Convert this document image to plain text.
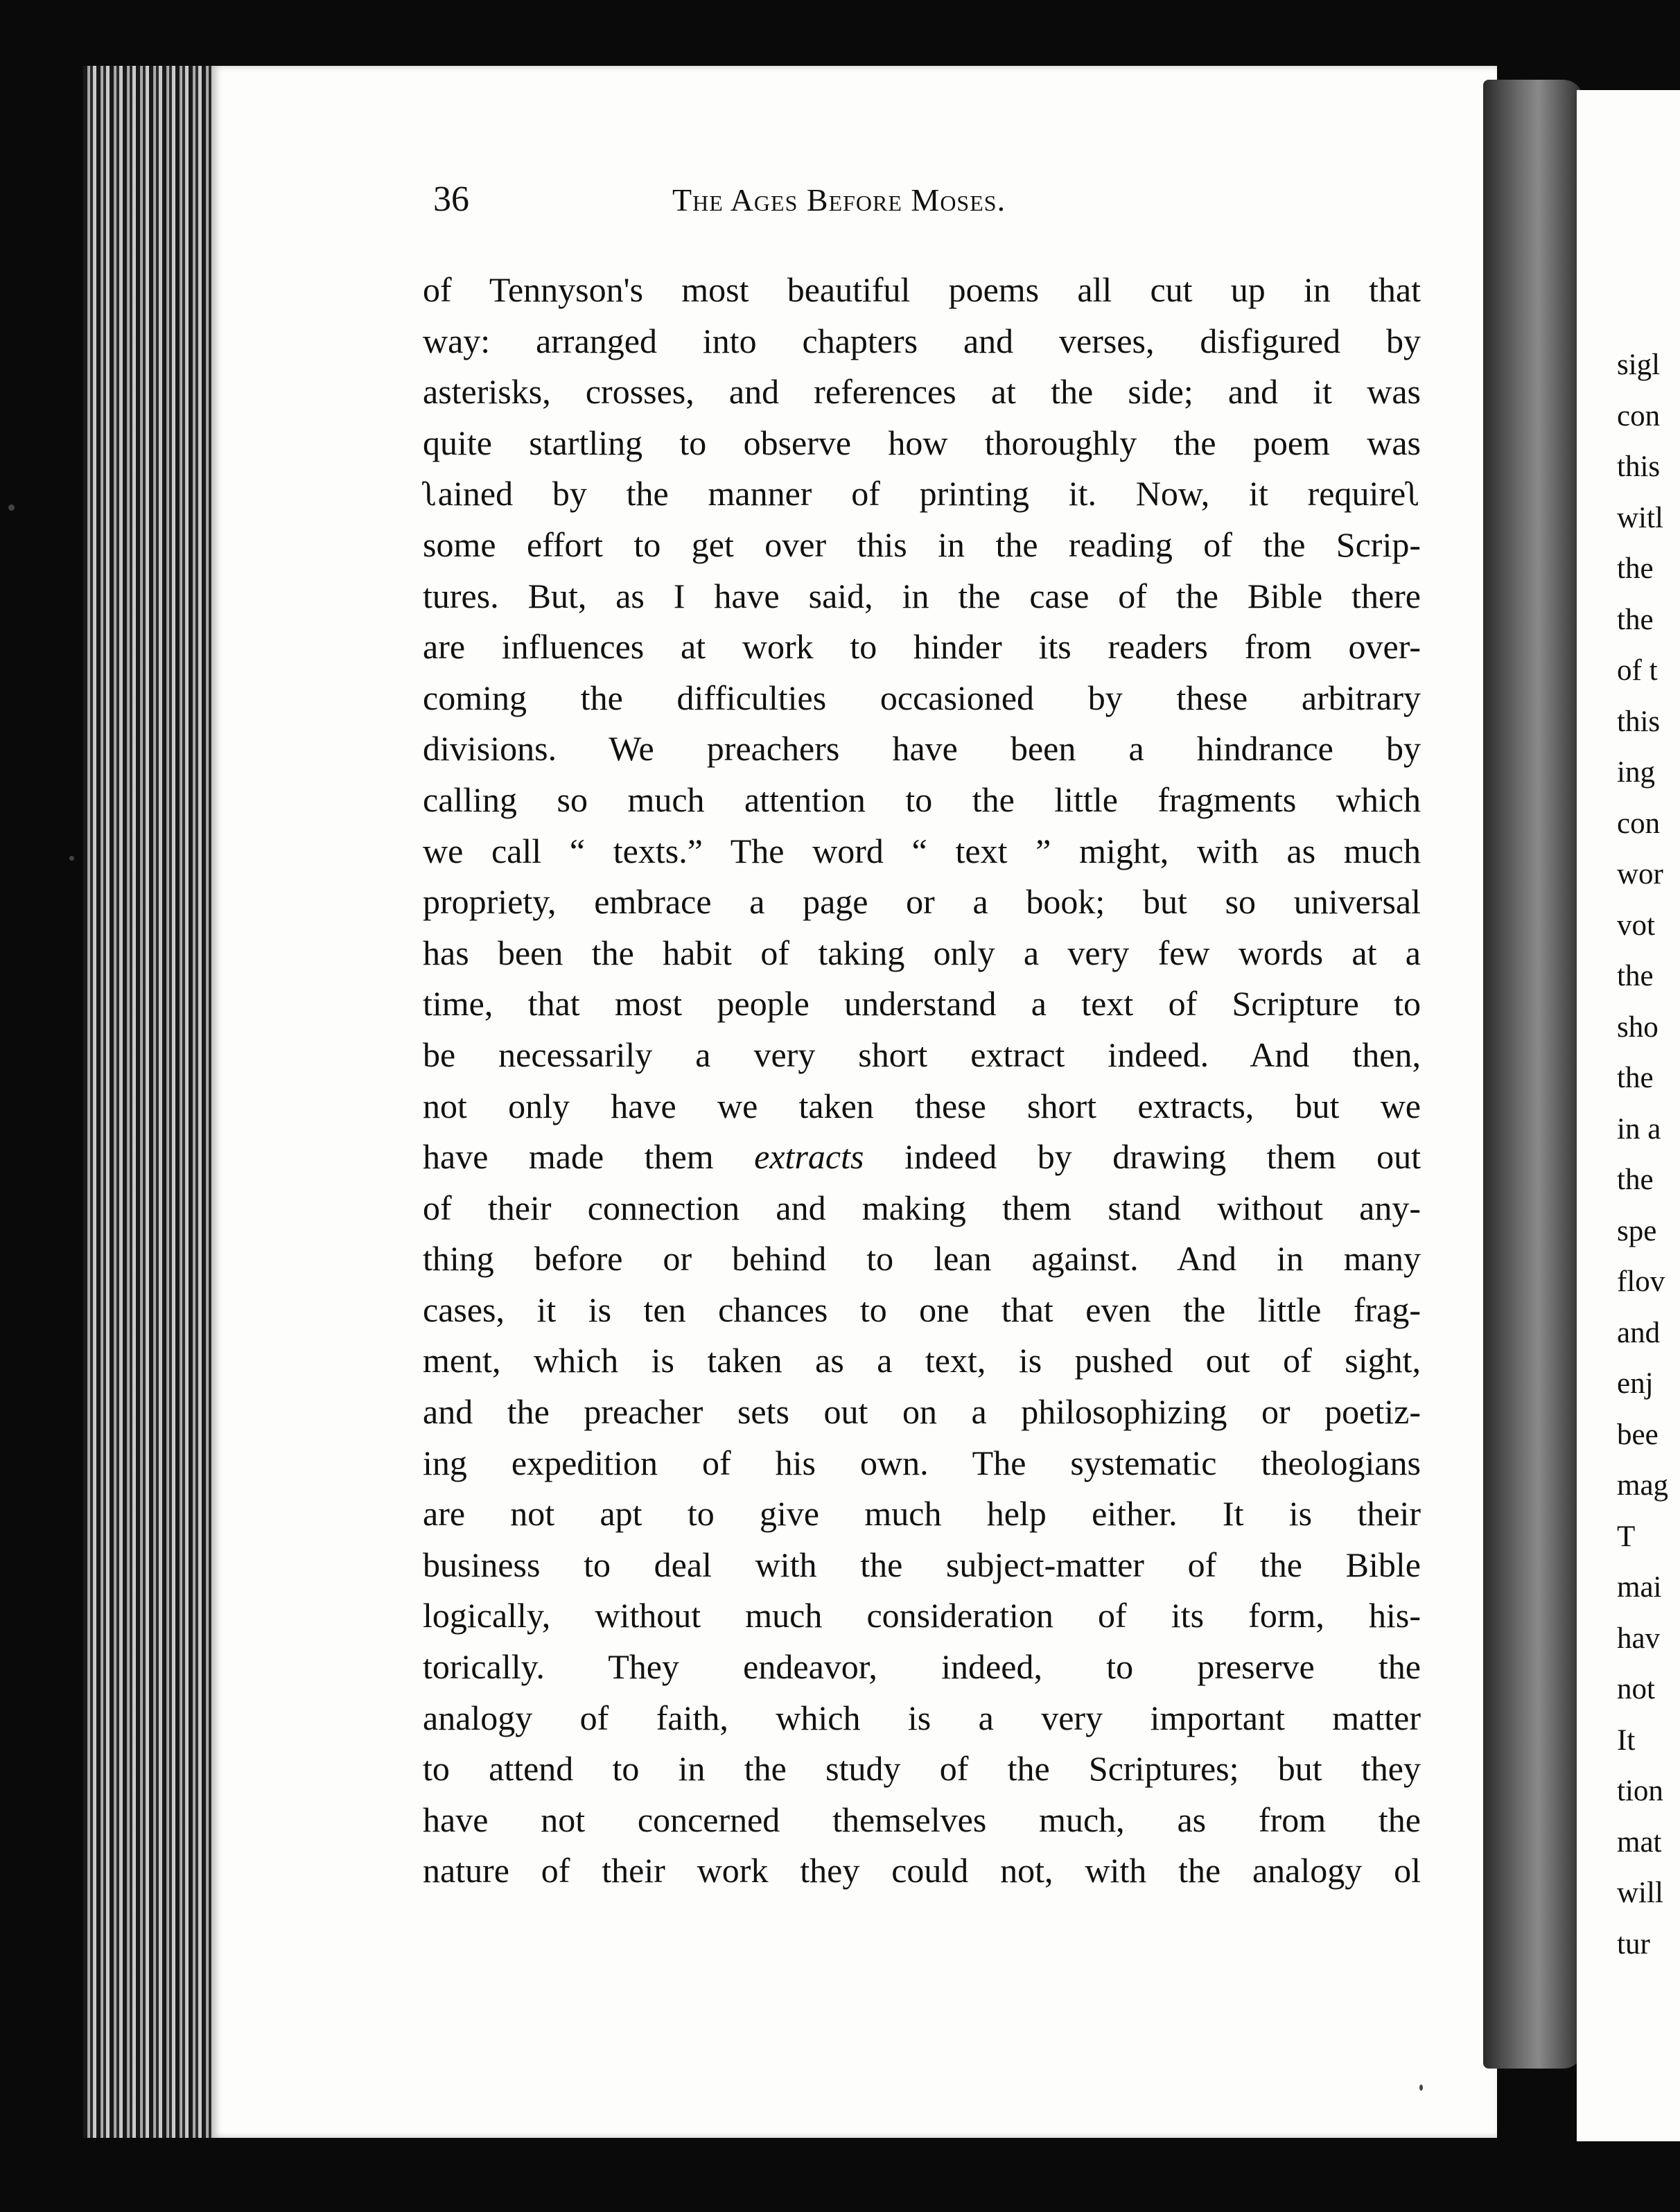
sigl
con
this
witl
the
the
of t
this
ing
con
wor
vot
the
sho
the
in a
the
spe
flov
and
enj
bee
mag
T
mai
hav
not
It
tion
mat
will
tur
36	The Ages Before Moses.
of Tennyson's most beautiful poems all cut up in that
way: arranged into chapters and verses, disfigured by
asterisks, crosses, and references at the side; and it was
quite startling to observe how thoroughly the poem was
ʅained by the manner of printing it. Now, it requireʅ
some effort to get over this in the reading of the Scrip-
tures. But, as I have said, in the case of the Bible there
are influences at work to hinder its readers from over-
coming the difficulties occasioned by these arbitrary
divisions. We preachers have been a hindrance by
calling so much attention to the little fragments which
we call “ texts.” The word “ text ” might, with as much
propriety, embrace a page or a book; but so universal
has been the habit of taking only a very few words at a
time, that most people understand a text of Scripture to
be necessarily a very short extract indeed. And then,
not only have we taken these short extracts, but we
have made them extracts indeed by drawing them out
of their connection and making them stand without any-
thing before or behind to lean against. And in many
cases, it is ten chances to one that even the little frag-
ment, which is taken as a text, is pushed out of sight,
and the preacher sets out on a philosophizing or poetiz-
ing expedition of his own. The systematic theologians
are not apt to give much help either. It is their
business to deal with the subject-matter of the Bible
logically, without much consideration of its form, his-
torically. They endeavor, indeed, to preserve the
analogy of faith, which is a very important matter
to attend to in the study of the Scriptures; but they
have not concerned themselves much, as from the
nature of their work they could not, with the analogy ol
